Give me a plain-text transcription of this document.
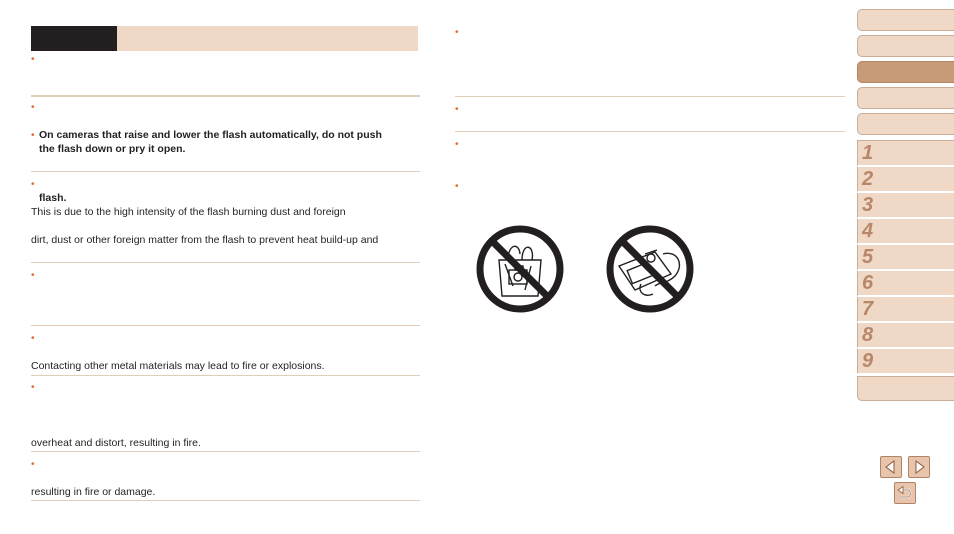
•
•
• On cameras that raise and lower the flash automatically, do not push
the flash down or pry it open.
•
flash.
This is due to the high intensity of the flash burning dust and foreign
dirt, dust or other foreign matter from the flash to prevent heat build-up and
•
•
Contacting other metal materials may lead to fire or explosions.
•
overheat and distort, resulting in fire.
•
resulting in fire or damage.
•
•
•
•
1
2
3
4
5
6
7
8
9
